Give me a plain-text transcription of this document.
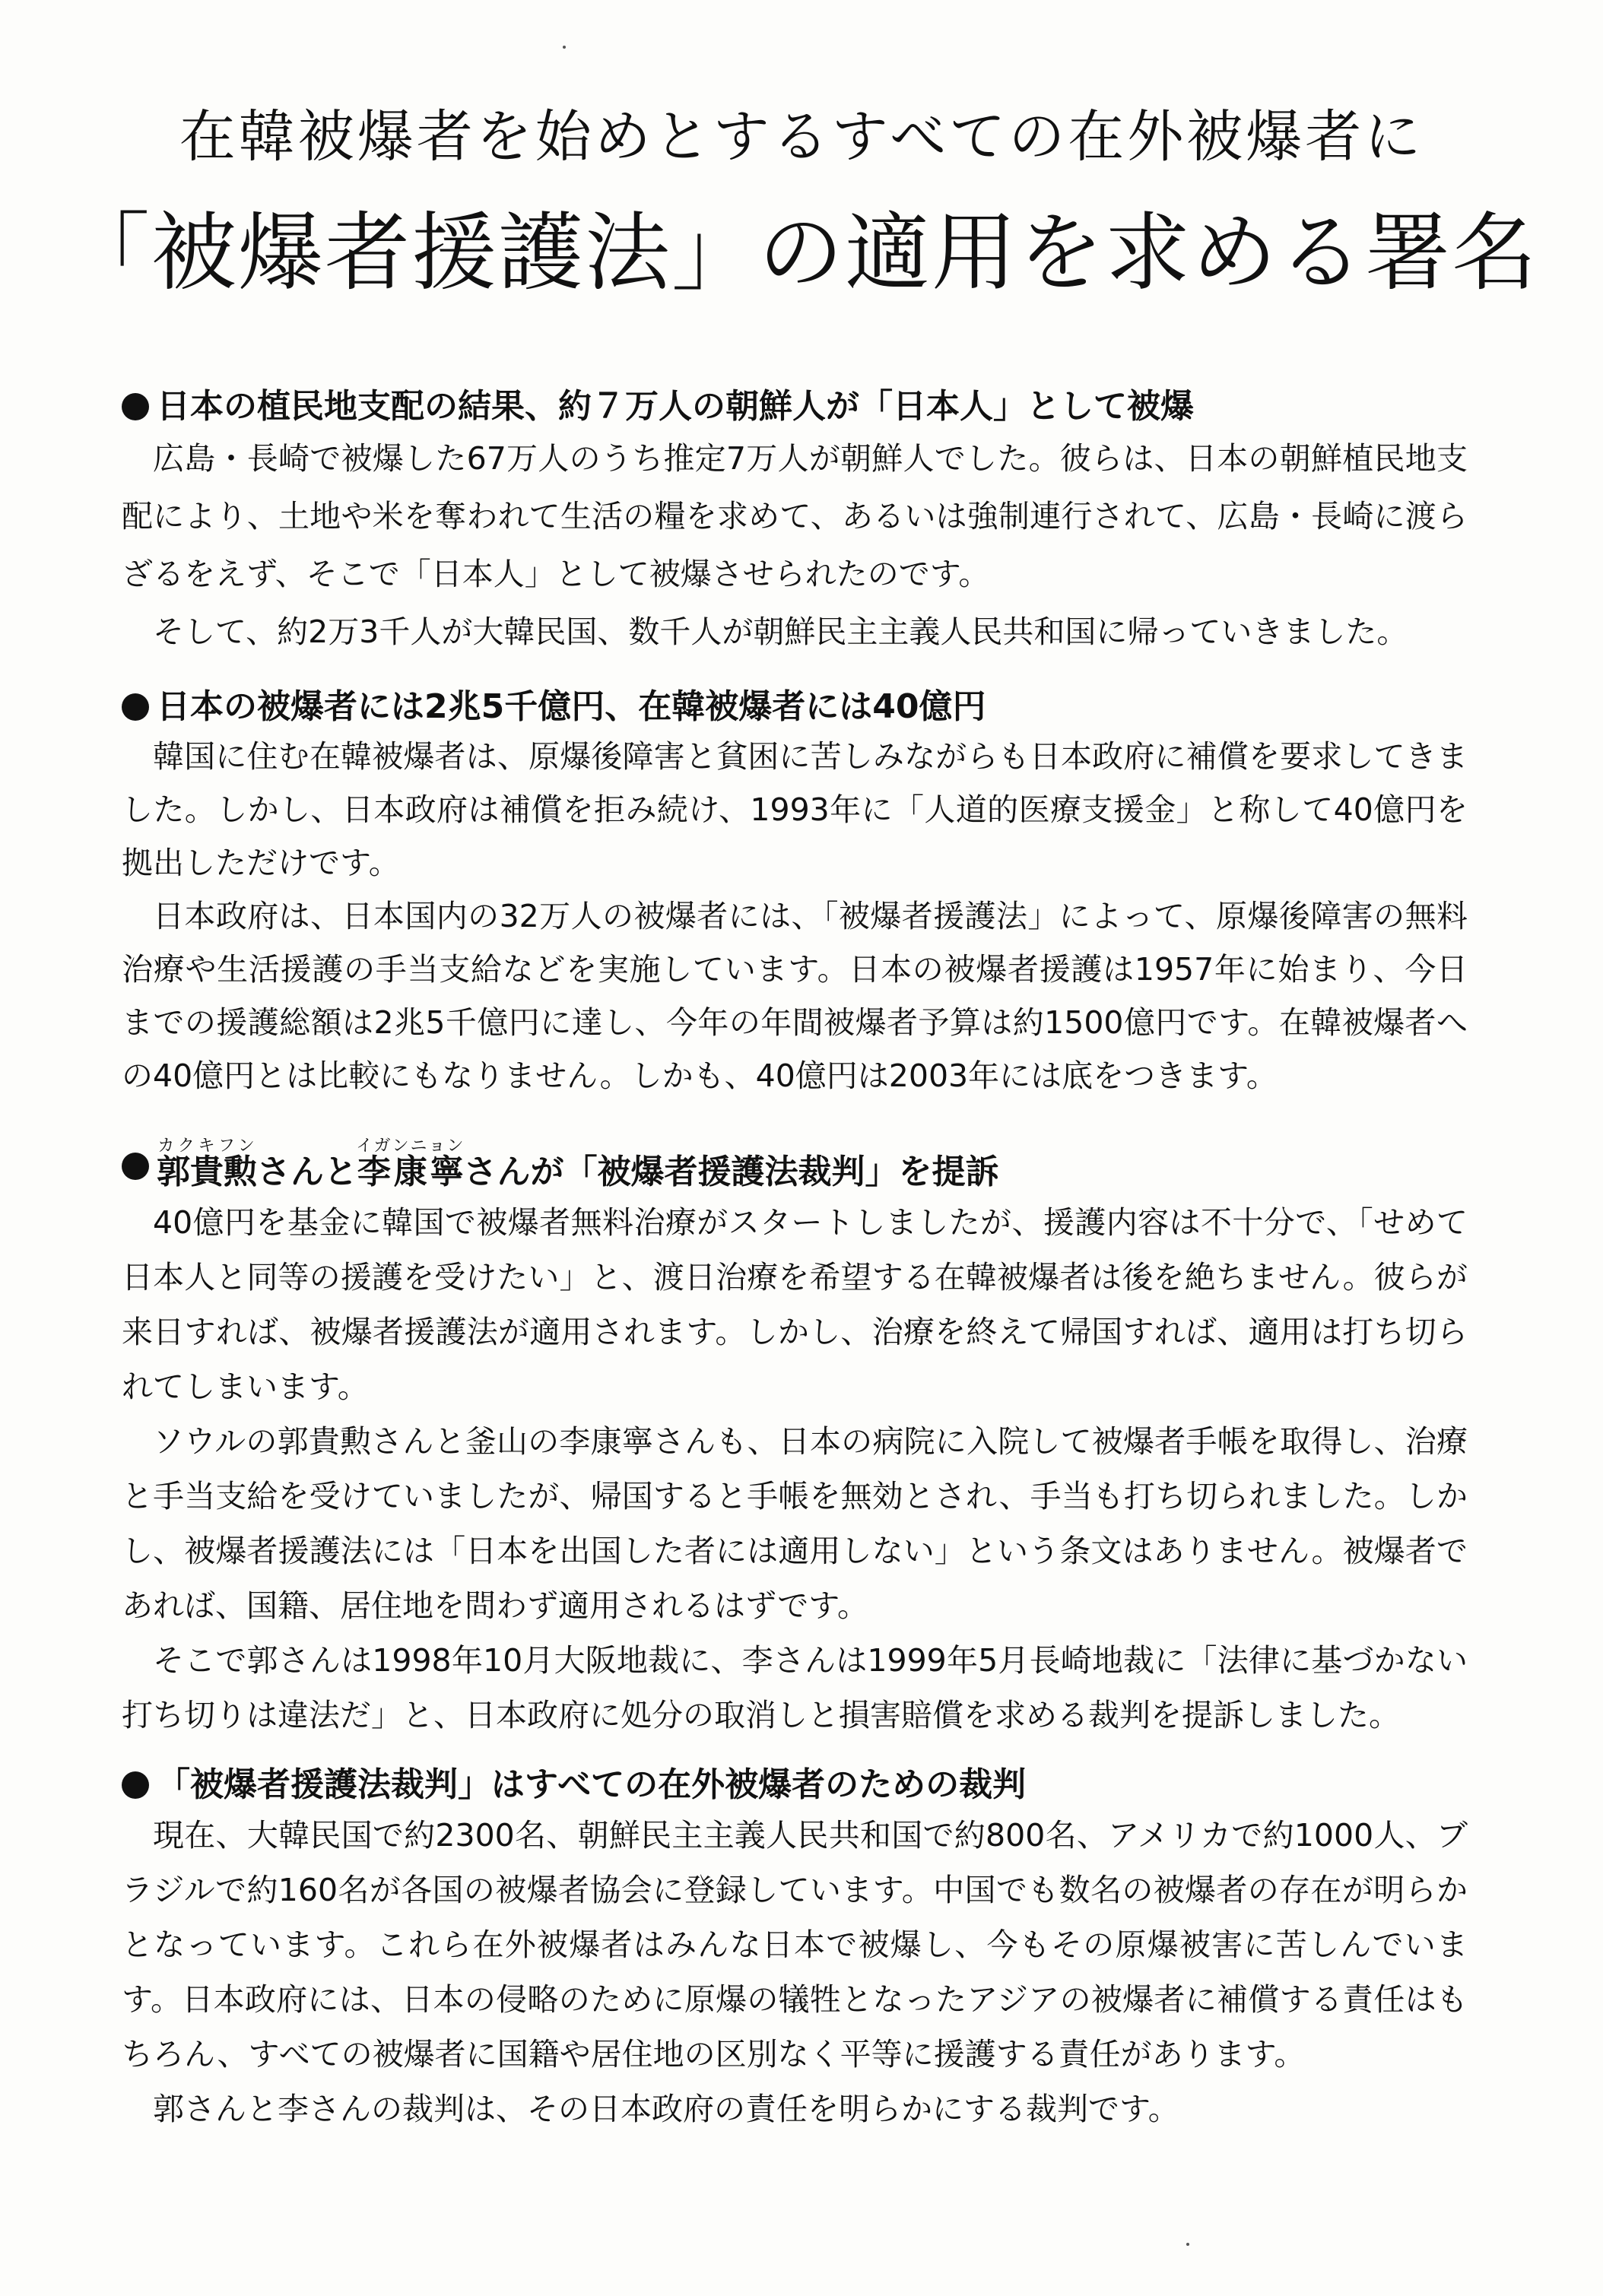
在韓被爆者を始めとするすべての在外被爆者に
「被爆者援護法」の適用を求める署名
日本の植民地支配の結果、約７万人の朝鮮人が「日本人」として被爆

広島・長崎で被爆した67万人のうち推定7万人が朝鮮人でした。彼らは、日本の朝鮮植民地支配により、土地や米を奪われて生活の糧を求めて、あるいは強制連行されて、広島・長崎に渡らざるをえず、そこで「日本人」として被爆させられたのです。

そして、約2万3千人が大韓民国、数千人が朝鮮民主主義人民共和国に帰っていきました。

日本の被爆者には2兆5千億円、在韓被爆者には40億円

韓国に住む在韓被爆者は、原爆後障害と貧困に苦しみながらも日本政府に補償を要求してきました。しかし、日本政府は補償を拒み続け、1993年に「人道的医療支援金」と称して40億円を拠出しただけです。

日本政府は、日本国内の32万人の被爆者には、「被爆者援護法」によって、原爆後障害の無料治療や生活援護の手当支給などを実施しています。日本の被爆者援護は1957年に始まり、今日までの援護総額は2兆5千億円に達し、今年の年間被爆者予算は約1500億円です。在韓被爆者への40億円とは比較にもなりません。しかも、40億円は2003年には底をつきます。

郭貴勲カクキフンさんと李康寧イガンニョンさんが「被爆者援護法裁判」を提訴

40億円を基金に韓国で被爆者無料治療がスタートしましたが、援護内容は不十分で、「せめて日本人と同等の援護を受けたい」と、渡日治療を希望する在韓被爆者は後を絶ちません。彼らが来日すれば、被爆者援護法が適用されます。しかし、治療を終えて帰国すれば、適用は打ち切られてしまいます。

ソウルの郭貴勲さんと釜山の李康寧さんも、日本の病院に入院して被爆者手帳を取得し、治療と手当支給を受けていましたが、帰国すると手帳を無効とされ、手当も打ち切られました。しかし、被爆者援護法には「日本を出国した者には適用しない」という条文はありません。被爆者であれば、国籍、居住地を問わず適用されるはずです。

そこで郭さんは1998年10月大阪地裁に、李さんは1999年5月長崎地裁に「法律に基づかない打ち切りは違法だ」と、日本政府に処分の取消しと損害賠償を求める裁判を提訴しました。

「被爆者援護法裁判」はすべての在外被爆者のための裁判

現在、大韓民国で約2300名、朝鮮民主主義人民共和国で約800名、アメリカで約1000人、ブラジルで約160名が各国の被爆者協会に登録しています。中国でも数名の被爆者の存在が明らかとなっています。これら在外被爆者はみんな日本で被爆し、今もその原爆被害に苦しんでいます。日本政府には、日本の侵略のために原爆の犠牲となったアジアの被爆者に補償する責任はもちろん、すべての被爆者に国籍や居住地の区別なく平等に援護する責任があります。

郭さんと李さんの裁判は、その日本政府の責任を明らかにする裁判です。
